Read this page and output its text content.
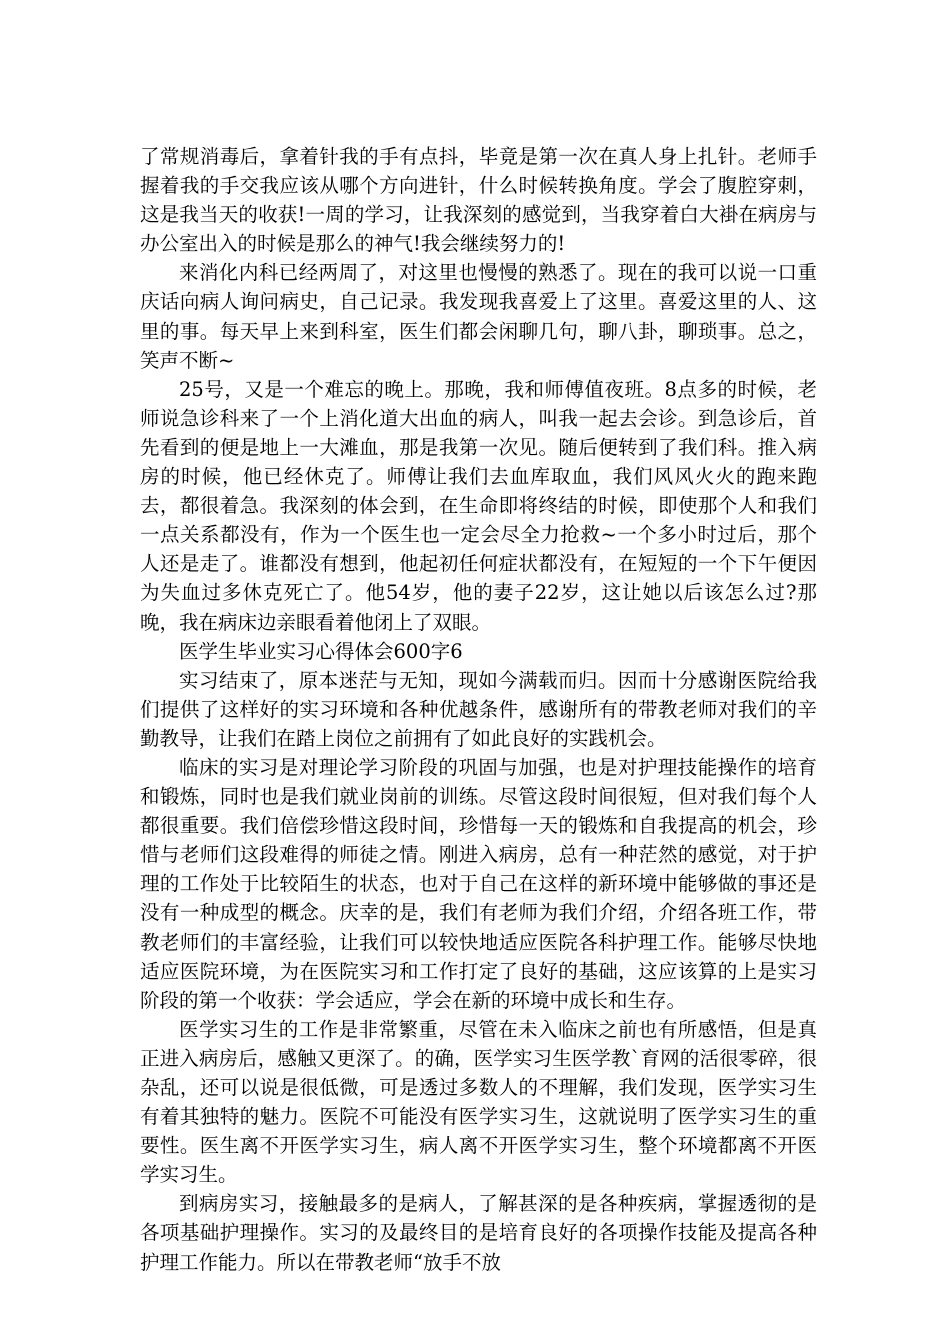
了常规消毒后，拿着针我的手有点抖，毕竟是第一次在真人身上扎针。老师手握着我的手交我应该从哪个方向进针，什么时候转换角度。学会了腹腔穿刺，这是我当天的收获!一周的学习，让我深刻的感觉到，当我穿着白大褂在病房与办公室出入的时候是那么的神气!我会继续努力的!

来消化内科已经两周了，对这里也慢慢的熟悉了。现在的我可以说一口重庆话向病人询问病史，自己记录。我发现我喜爱上了这里。喜爱这里的人、这里的事。每天早上来到科室，医生们都会闲聊几句，聊八卦，聊琐事。总之，笑声不断~

25号，又是一个难忘的晚上。那晚，我和师傅值夜班。8点多的时候，老师说急诊科来了一个上消化道大出血的病人，叫我一起去会诊。到急诊后，首先看到的便是地上一大滩血，那是我第一次见。随后便转到了我们科。推入病房的时候，他已经休克了。师傅让我们去血库取血，我们风风火火的跑来跑去，都很着急。我深刻的体会到，在生命即将终结的时候，即使那个人和我们一点关系都没有，作为一个医生也一定会尽全力抢救~一个多小时过后，那个人还是走了。谁都没有想到，他起初任何症状都没有，在短短的一个下午便因为失血过多休克死亡了。他54岁，他的妻子22岁，这让她以后该怎么过?那晚，我在病床边亲眼看着他闭上了双眼。

医学生毕业实习心得体会600字6

实习结束了，原本迷茫与无知，现如今满载而归。因而十分感谢医院给我们提供了这样好的实习环境和各种优越条件，感谢所有的带教老师对我们的辛勤教导，让我们在踏上岗位之前拥有了如此良好的实践机会。

临床的实习是对理论学习阶段的巩固与加强，也是对护理技能操作的培育和锻炼，同时也是我们就业岗前的训练。尽管这段时间很短，但对我们每个人都很重要。我们倍偿珍惜这段时间，珍惜每一天的锻炼和自我提高的机会，珍惜与老师们这段难得的师徒之情。刚进入病房，总有一种茫然的感觉，对于护理的工作处于比较陌生的状态，也对于自己在这样的新环境中能够做的事还是没有一种成型的概念。庆幸的是，我们有老师为我们介绍，介绍各班工作，带教老师们的丰富经验，让我们可以较快地适应医院各科护理工作。能够尽快地适应医院环境，为在医院实习和工作打定了良好的基础，这应该算的上是实习阶段的第一个收获：学会适应，学会在新的环境中成长和生存。

医学实习生的工作是非常繁重，尽管在未入临床之前也有所感悟，但是真正进入病房后，感触又更深了。的确，医学实习生医学教`育网的活很零碎，很杂乱，还可以说是很低微，可是透过多数人的不理解，我们发现，医学实习生有着其独特的魅力。医院不可能没有医学实习生，这就说明了医学实习生的重要性。医生离不开医学实习生，病人离不开医学实习生，整个环境都离不开医学实习生。

到病房实习，接触最多的是病人，了解甚深的是各种疾病，掌握透彻的是各项基础护理操作。实习的及最终目的是培育良好的各项操作技能及提高各种护理工作能力。所以在带教老师“放手不放
